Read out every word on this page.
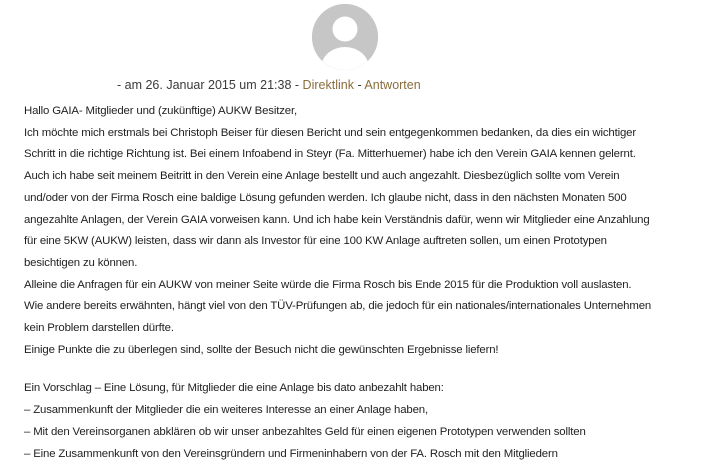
- am 26. Januar 2015 um 21:38 - Direktlink - Antworten

Hallo GAIA- Mitglieder und (zukünftige) AUKW Besitzer,

Ich möchte mich erstmals bei Christoph Beiser für diesen Bericht und sein entgegenkommen bedanken, da dies ein wichtiger

Schritt in die richtige Richtung ist. Bei einem Infoabend in Steyr (Fa. Mitterhuemer) habe ich den Verein GAIA kennen gelernt.

Auch ich habe seit meinem Beitritt in den Verein eine Anlage bestellt und auch angezahlt. Diesbezüglich sollte vom Verein

und/oder von der Firma Rosch eine baldige Lösung gefunden werden. Ich glaube nicht, dass in den nächsten Monaten 500

angezahlte Anlagen, der Verein GAIA vorweisen kann. Und ich habe kein Verständnis dafür, wenn wir Mitglieder eine Anzahlung

für eine 5KW (AUKW) leisten, dass wir dann als Investor für eine 100 KW Anlage auftreten sollen, um einen Prototypen

besichtigen zu können.

Alleine die Anfragen für ein AUKW von meiner Seite würde die Firma Rosch bis Ende 2015 für die Produktion voll auslasten.

Wie andere bereits erwähnten, hängt viel von den TÜV-Prüfungen ab, die jedoch für ein nationales/internationales Unternehmen

kein Problem darstellen dürfte.

Einige Punkte die zu überlegen sind, sollte der Besuch nicht die gewünschten Ergebnisse liefern!

Ein Vorschlag – Eine Lösung, für Mitglieder die eine Anlage bis dato anbezahlt haben:

– Zusammenkunft der Mitglieder die ein weiteres Interesse an einer Anlage haben,

– Mit den Vereinsorganen abklären ob wir unser anbezahltes Geld für einen eigenen Prototypen verwenden sollten

– Eine Zusammenkunft von den Vereinsgründern und Firmeninhabern von der FA. Rosch mit den Mitgliedern
